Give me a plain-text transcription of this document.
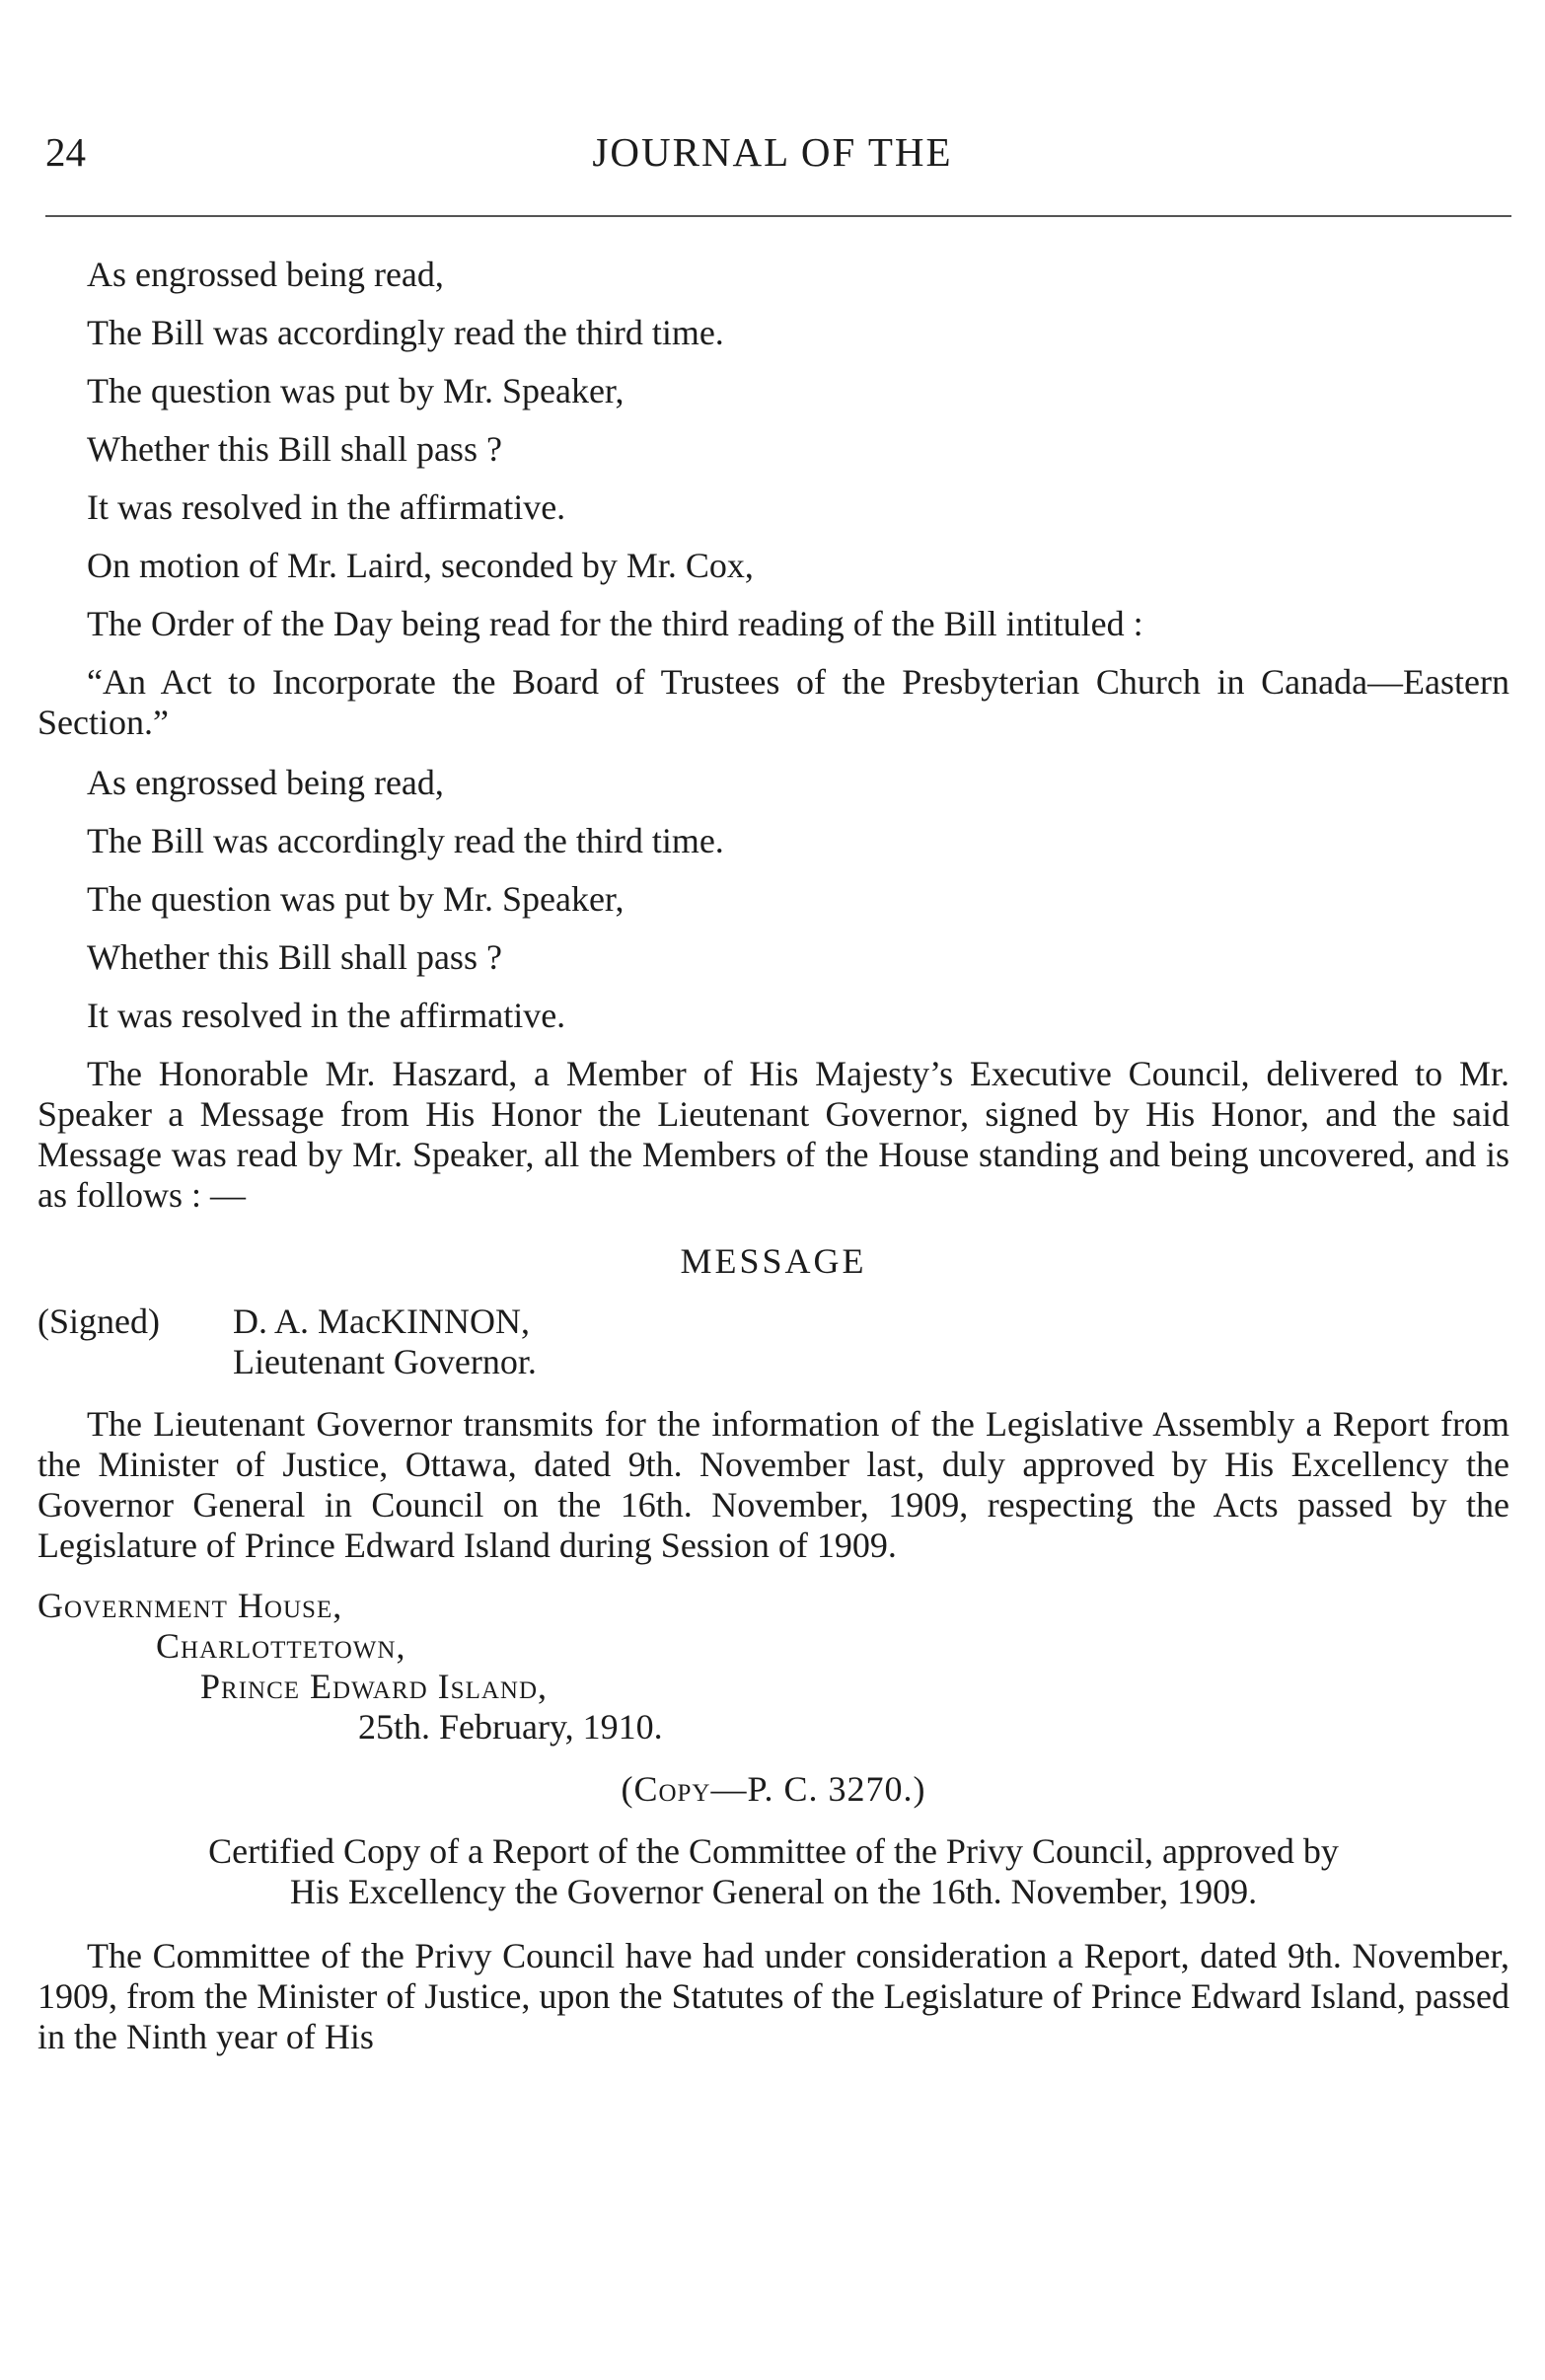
24	JOURNAL OF THE

As engrossed being read,

The Bill was accordingly read the third time.

The question was put by Mr. Speaker,

Whether this Bill shall pass ?

It was resolved in the affirmative.

On motion of Mr. Laird, seconded by Mr. Cox,

The Order of the Day being read for the third reading of the Bill intituled :

“An Act to Incorporate the Board of Trustees of the Presbyterian Church in Canada—Eastern Section.”

As engrossed being read,

The Bill was accordingly read the third time.

The question was put by Mr. Speaker,

Whether this Bill shall pass ?

It was resolved in the affirmative.

The Honorable Mr. Haszard, a Member of His Majesty’s Executive Council, delivered to Mr. Speaker a Message from His Honor the Lieutenant Governor, signed by His Honor, and the said Message was read by Mr. Speaker, all the Members of the House standing and being uncovered, and is as follows : —

MESSAGE

(Signed)	D. A. MacKINNON,

Lieutenant Governor.

The Lieutenant Governor transmits for the information of the Legislative Assembly a Report from the Minister of Justice, Ottawa, dated 9th. November last, duly approved by His Excellency the Governor General in Council on the 16th. November, 1909, respecting the Acts passed by the Legislature of Prince Edward Island during Session of 1909.

Government House,

Charlottetown,

Prince Edward Island,

25th. February, 1910.

(Copy—P. C. 3270.)

Certified Copy of a Report of the Committee of the Privy Council, approved by
His Excellency the Governor General on the 16th. November, 1909.

The Committee of the Privy Council have had under consideration a Report, dated 9th. November, 1909, from the Minister of Justice, upon the Statutes of the Legislature of Prince Edward Island, passed in the Ninth year of His
